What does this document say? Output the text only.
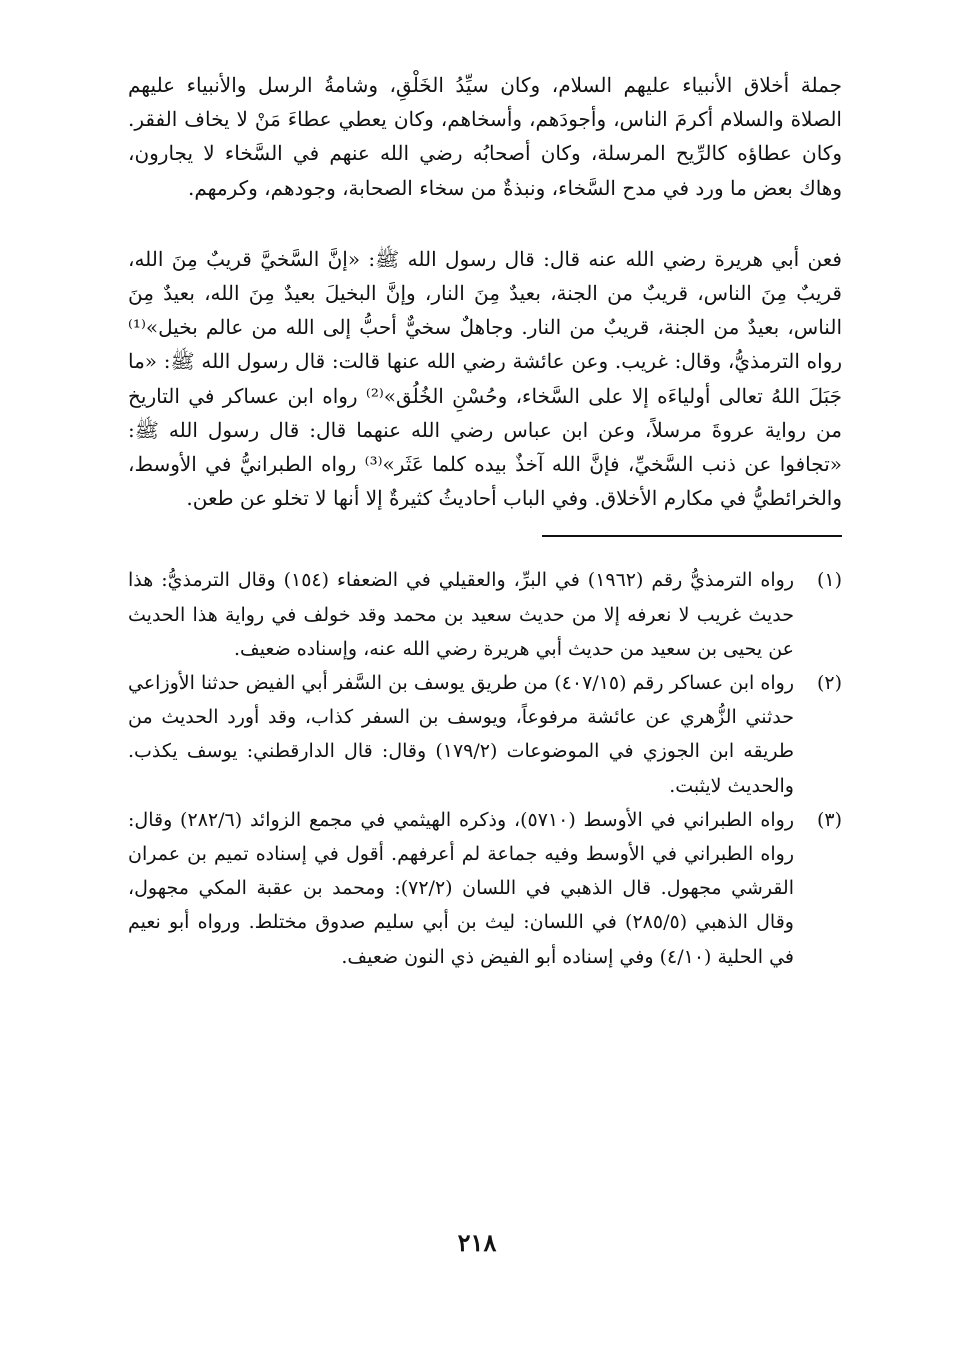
جملة أخلاق الأنبياء عليهم السلام، وكان سيِّدُ الخَلْقِ، وشامةُ الرسل والأنبياء عليهم الصلاة والسلام أكرمَ الناس، وأجودَهم، وأسخاهم، وكان يعطي عطاءَ مَنْ لا يخاف الفقر. وكان عطاؤه كالرِّيح المرسلة، وكان أصحابُه رضي الله عنهم في السَّخاء لا يجارون، وهاك بعض ما ورد في مدح السَّخاء، ونبذةٌ من سخاء الصحابة، وجودهم، وكرمهم.

فعن أبي هريرة رضي الله عنه قال: قال رسول الله ﷺ: «إنَّ السَّخيَّ قريبٌ مِنَ الله، قريبٌ مِنَ الناس، قريبٌ من الجنة، بعيدٌ مِنَ النار، وإنَّ البخيلَ بعيدٌ مِنَ الله، بعيدٌ مِنَ الناس، بعيدٌ من الجنة، قريبٌ من النار. وجاهلٌ سخيٌّ أحبُّ إلى الله من عالم بخيل»⁽¹⁾ رواه الترمذيُّ، وقال: غريب. وعن عائشة رضي الله عنها قالت: قال رسول الله ﷺ: «ما جَبَلَ اللهُ تعالى أولياءَه إلا على السَّخاء، وحُسْنِ الخُلُق»⁽²⁾ رواه ابن عساكر في التاريخ من رواية عروةَ مرسلاً، وعن ابن عباس رضي الله عنهما قال: قال رسول الله ﷺ: «تجافوا عن ذنب السَّخيِّ، فإنَّ الله آخذٌ بيده كلما عَثَر»⁽³⁾ رواه الطبرانيُّ في الأوسط، والخرائطيُّ في مكارم الأخلاق. وفي الباب أحاديثُ كثيرةٌ إلا أنها لا تخلو عن طعن.

(١)
رواه الترمذيُّ رقم (١٩٦٢) في البرِّ، والعقيلي في الضعفاء (١٥٤) وقال الترمذيُّ: هذا حديث غريب لا نعرفه إلا من حديث سعيد بن محمد وقد خولف في رواية هذا الحديث عن يحيى بن سعيد من حديث أبي هريرة رضي الله عنه، وإسناده ضعيف.
(٢)
رواه ابن عساكر رقم (٤٠٧/١٥) من طريق يوسف بن السَّفر أبي الفيض حدثنا الأوزاعي حدثني الزُّهري عن عائشة مرفوعاً، ويوسف بن السفر كذاب، وقد أورد الحديث من طريقه ابن الجوزي في الموضوعات (١٧٩/٢) وقال: قال الدارقطني: يوسف يكذب. والحديث لايثبت.
(٣)
رواه الطبراني في الأوسط (٥٧١٠)، وذكره الهيثمي في مجمع الزوائد (٢٨٢/٦) وقال: رواه الطبراني في الأوسط وفيه جماعة لم أعرفهم. أقول في إسناده تميم بن عمران القرشي مجهول. قال الذهبي في اللسان (٧٢/٢): ومحمد بن عقبة المكي مجهول، وقال الذهبي (٢٨٥/٥) في اللسان: ليث بن أبي سليم صدوق مختلط. ورواه أبو نعيم في الحلية (٤/١٠) وفي إسناده أبو الفيض ذي النون ضعيف.
٢١٨
